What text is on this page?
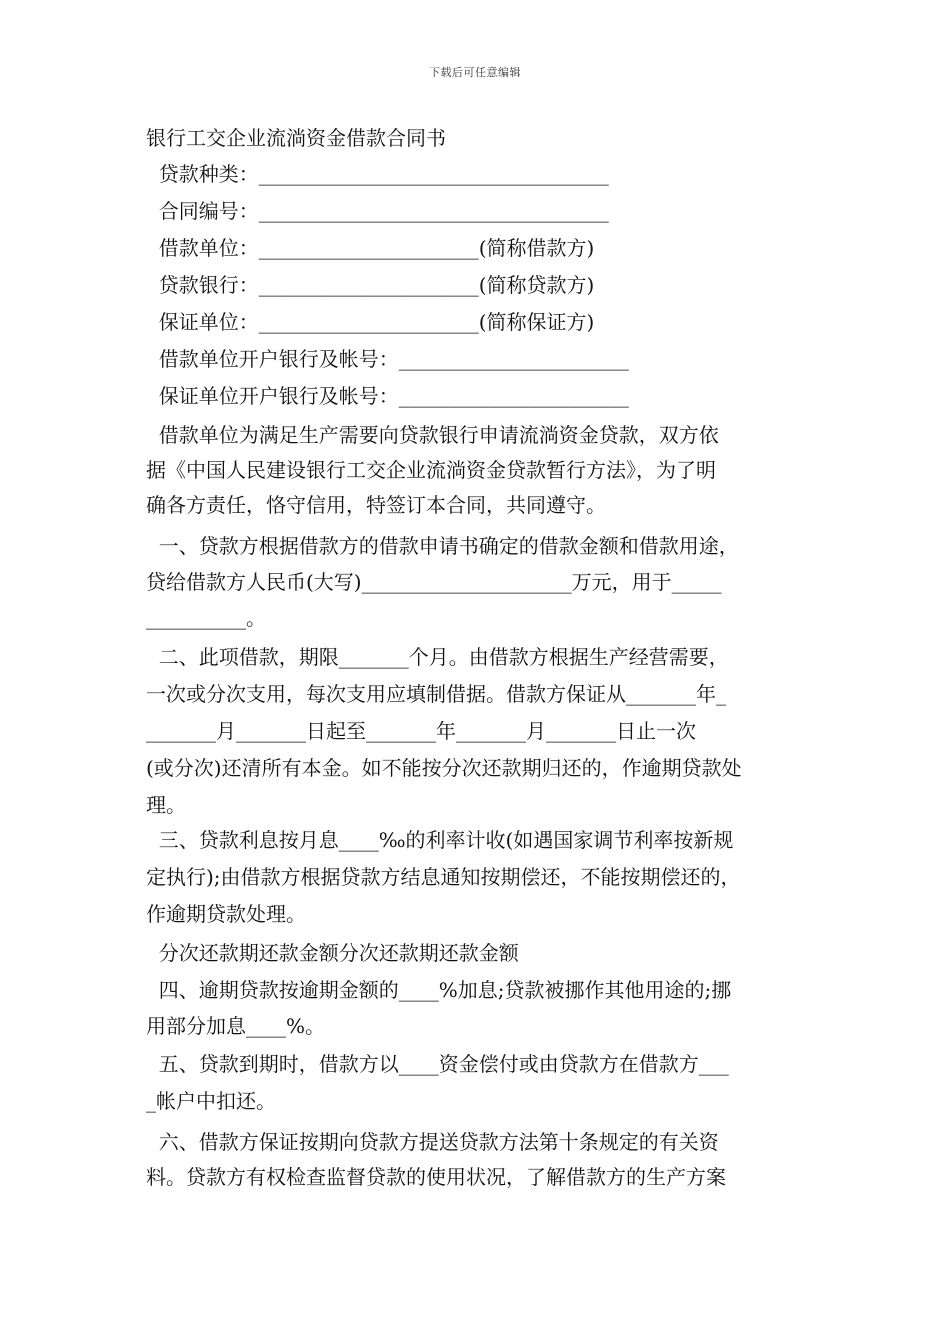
下载后可任意编辑
银行工交企业流淌资金借款合同书
贷款种类：___________________________________
合同编号：___________________________________
借款单位：______________________(简称借款方)
贷款银行：______________________(简称贷款方)
保证单位：______________________(简称保证方)
借款单位开户银行及帐号：_______________________
保证单位开户银行及帐号：_______________________
借款单位为满足生产需要向贷款银行申请流淌资金贷款，双方依
据《中国人民建设银行工交企业流淌资金贷款暂行方法》，为了明
确各方责任，恪守信用，特签订本合同，共同遵守。
一、贷款方根据借款方的借款申请书确定的借款金额和借款用途，
贷给借款方人民币(大写)_____________________万元，用于_____
__________。
二、此项借款，期限_______个月。由借款方根据生产经营需要，
一次或分次支用，每次支用应填制借据。借款方保证从_______年_
_______月_______日起至_______年_______月_______日止一次
(或分次)还清所有本金。如不能按分次还款期归还的，作逾期贷款处
理。
三、贷款利息按月息____‰的利率计收(如遇国家调节利率按新规
定执行);由借款方根据贷款方结息通知按期偿还，不能按期偿还的，
作逾期贷款处理。
分次还款期还款金额分次还款期还款金额
四、逾期贷款按逾期金额的____%加息;贷款被挪作其他用途的;挪
用部分加息____%。
五、贷款到期时，借款方以____资金偿付或由贷款方在借款方___
_帐户中扣还。
六、借款方保证按期向贷款方提送贷款方法第十条规定的有关资
料。贷款方有权检查监督贷款的使用状况，了解借款方的生产方案
